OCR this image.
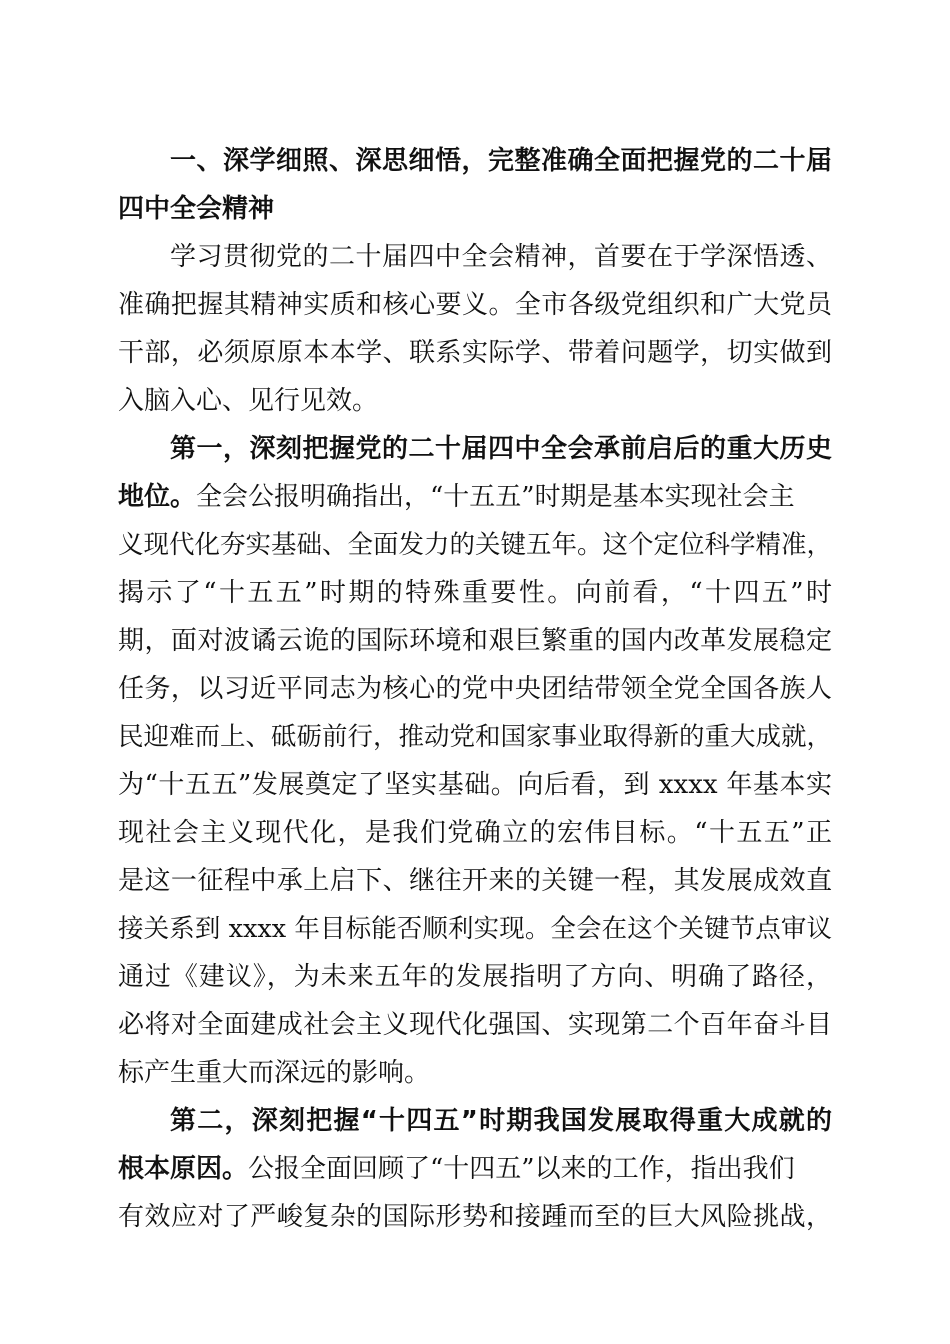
一、深学细照、深思细悟，完整准确全面把握党的二十届
四中全会精神
学习贯彻党的二十届四中全会精神，首要在于学深悟透、
准确把握其精神实质和核心要义。全市各级党组织和广大党员
干部，必须原原本本学、联系实际学、带着问题学，切实做到
入脑入心、见行见效。
第一，深刻把握党的二十届四中全会承前启后的重大历史
地位。全会公报明确指出，“十五五”时期是基本实现社会主
义现代化夯实基础、全面发力的关键五年。这个定位科学精准，
揭示了“十五五”时期的特殊重要性。向前看，“十四五”时
期，面对波谲云诡的国际环境和艰巨繁重的国内改革发展稳定
任务，以习近平同志为核心的党中央团结带领全党全国各族人
民迎难而上、砥砺前行，推动党和国家事业取得新的重大成就，
为“十五五”发展奠定了坚实基础。向后看，到 xxxx 年基本实
现社会主义现代化，是我们党确立的宏伟目标。“十五五”正
是这一征程中承上启下、继往开来的关键一程，其发展成效直
接关系到 xxxx 年目标能否顺利实现。全会在这个关键节点审议
通过《建议》，为未来五年的发展指明了方向、明确了路径，
必将对全面建成社会主义现代化强国、实现第二个百年奋斗目
标产生重大而深远的影响。
第二，深刻把握“十四五”时期我国发展取得重大成就的
根本原因。公报全面回顾了“十四五”以来的工作，指出我们
有效应对了严峻复杂的国际形势和接踵而至的巨大风险挑战，
